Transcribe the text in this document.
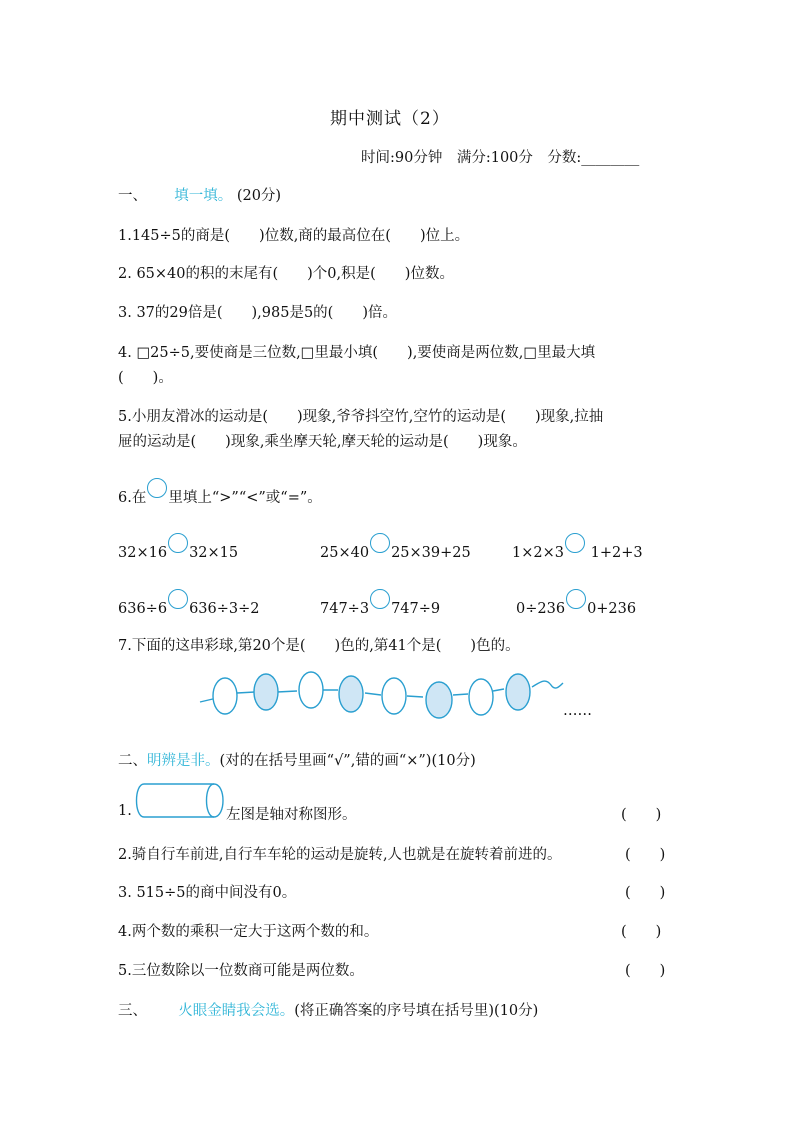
期中测试（2）
时间:90分钟　满分:100分　分数:________
一、 填一填。 (20分)
1.145÷5的商是(　　)位数,商的最高位在(　　)位上。
2. 65×40的积的末尾有(　　)个0,积是(　　)位数。
3. 37的29倍是(　　),985是5的(　　)倍。
4. □25÷5,要使商是三位数,□里最小填(　　),要使商是两位数,□里最大填
(　　)。
5.小朋友滑冰的运动是(　　)现象,爷爷抖空竹,空竹的运动是(　　)现象,拉抽
屉的运动是(　　)现象,乘坐摩天轮,摩天轮的运动是(　　)现象。
6.在 里填上“>”“<”或“=”。
32×16 32×15	25×40 25×39+25	1×2×3 1+2+3
636÷6 636÷3÷2	747÷3 747÷9	0÷236 0+236
7.下面的这串彩球,第20个是(　　)色的,第41个是(　　)色的。
……
二、明辨是非。(对的在括号里画“√”,错的画“×”)(10分)
1.	左图是轴对称图形。	(　　)
2.骑自行车前进,自行车车轮的运动是旋转,人也就是在旋转着前进的。	(　　)
3. 515÷5的商中间没有0。	(　　)
4.两个数的乘积一定大于这两个数的和。	(　　)
5.三位数除以一位数商可能是两位数。	(　　)
三、 火眼金睛我会选。(将正确答案的序号填在括号里)(10分)
